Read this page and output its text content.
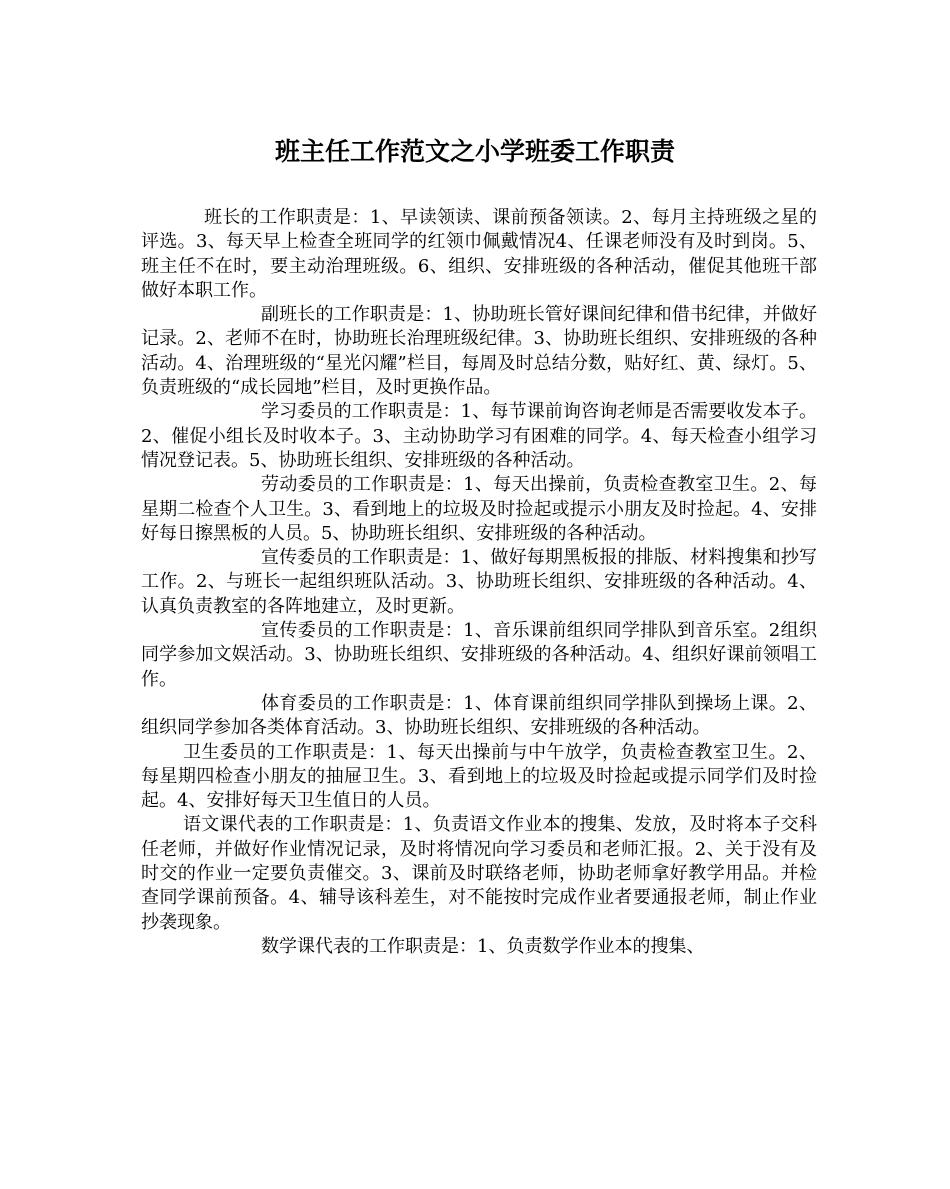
班主任工作范文之小学班委工作职责

班长的工作职责是：1、早读领读、课前预备领读。2、每月主持班级之星的评选。3、每天早上检查全班同学的红领巾佩戴情况4、任课老师没有及时到岗。5、班主任不在时，要主动治理班级。6、组织、安排班级的各种活动，催促其他班干部做好本职工作。

副班长的工作职责是：1、协助班长管好课间纪律和借书纪律，并做好记录。2、老师不在时，协助班长治理班级纪律。3、协助班长组织、安排班级的各种活动。4、治理班级的“星光闪耀”栏目，每周及时总结分数，贴好红、黄、绿灯。5、负责班级的“成长园地”栏目，及时更换作品。

学习委员的工作职责是：1、每节课前询咨询老师是否需要收发本子。2、催促小组长及时收本子。3、主动协助学习有困难的同学。4、每天检查小组学习情况登记表。5、协助班长组织、安排班级的各种活动。

劳动委员的工作职责是：1、每天出操前，负责检查教室卫生。2、每星期二检查个人卫生。3、看到地上的垃圾及时捡起或提示小朋友及时捡起。4、安排好每日擦黑板的人员。5、协助班长组织、安排班级的各种活动。

宣传委员的工作职责是：1、做好每期黑板报的排版、材料搜集和抄写工作。2、与班长一起组织班队活动。3、协助班长组织、安排班级的各种活动。4、认真负责教室的各阵地建立，及时更新。

宣传委员的工作职责是：1、音乐课前组织同学排队到音乐室。2组织同学参加文娱活动。3、协助班长组织、安排班级的各种活动。4、组织好课前领唱工作。

体育委员的工作职责是：1、体育课前组织同学排队到操场上课。2、组织同学参加各类体育活动。3、协助班长组织、安排班级的各种活动。

卫生委员的工作职责是：1、每天出操前与中午放学，负责检查教室卫生。2、每星期四检查小朋友的抽屉卫生。3、看到地上的垃圾及时捡起或提示同学们及时捡起。4、安排好每天卫生值日的人员。

语文课代表的工作职责是：1、负责语文作业本的搜集、发放，及时将本子交科任老师，并做好作业情况记录，及时将情况向学习委员和老师汇报。2、关于没有及时交的作业一定要负责催交。3、课前及时联络老师，协助老师拿好教学用品。并检查同学课前预备。4、辅导该科差生，对不能按时完成作业者要通报老师，制止作业抄袭现象。

数学课代表的工作职责是：1、负责数学作业本的搜集、
